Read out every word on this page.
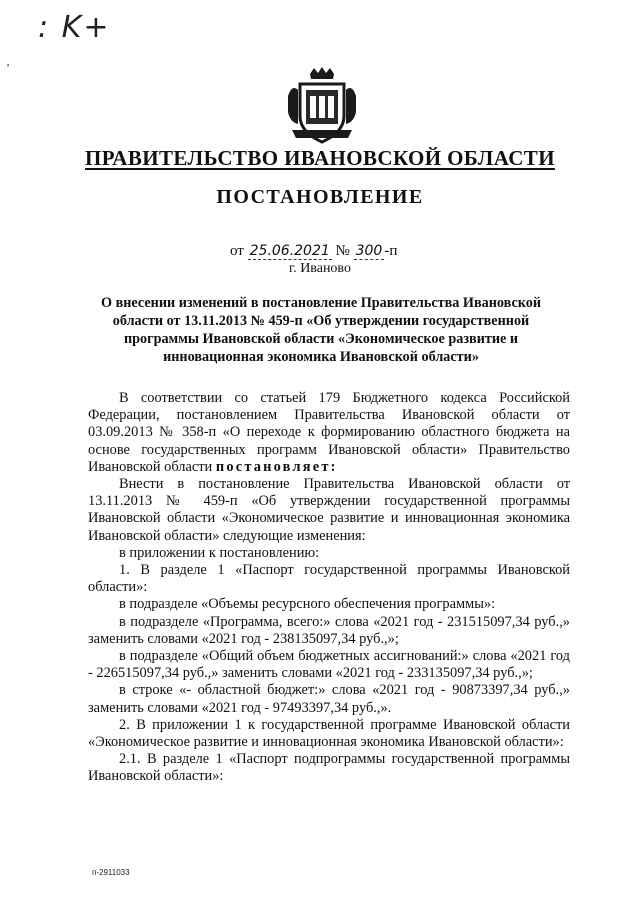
: K+
‚
ПРАВИТЕЛЬСТВО ИВАНОВСКОЙ ОБЛАСТИ
ПОСТАНОВЛЕНИЕ
от 25.06.2021 № 300 -п
г. Иваново
О внесении изменений в постановление Правительства Ивановской области от 13.11.2013 № 459-п «Об утверждении государственной программы Ивановской области «Экономическое развитие и инновационная экономика Ивановской области»

В соответствии со статьей 179 Бюджетного кодекса Российской Федерации, постановлением Правительства Ивановской области от 03.09.2013 № 358-п «О переходе к формированию областного бюджета на основе государственных программ Ивановской области» Правительство Ивановской области постановляет:

Внести в постановление Правительства Ивановской области от 13.11.2013 № 459-п «Об утверждении государственной программы Ивановской области «Экономическое развитие и инновационная экономика Ивановской области» следующие изменения:

в приложении к постановлению:

1. В разделе 1 «Паспорт государственной программы Ивановской области»:

в подразделе «Объемы ресурсного обеспечения программы»:

в подразделе «Программа, всего:» слова «2021 год - 231515097,34 руб.,» заменить словами «2021 год - 238135097,34 руб.,»;

в подразделе «Общий объем бюджетных ассигнований:» слова «2021 год - 226515097,34 руб.,» заменить словами «2021 год - 233135097,34 руб.,»;

в строке «- областной бюджет:» слова «2021 год - 90873397,34 руб.,» заменить словами «2021 год - 97493397,34 руб.,».

2. В приложении 1 к государственной программе Ивановской области «Экономическое развитие и инновационная экономика Ивановской области»:

2.1. В разделе 1 «Паспорт подпрограммы государственной программы Ивановской области»:

п-2911033
